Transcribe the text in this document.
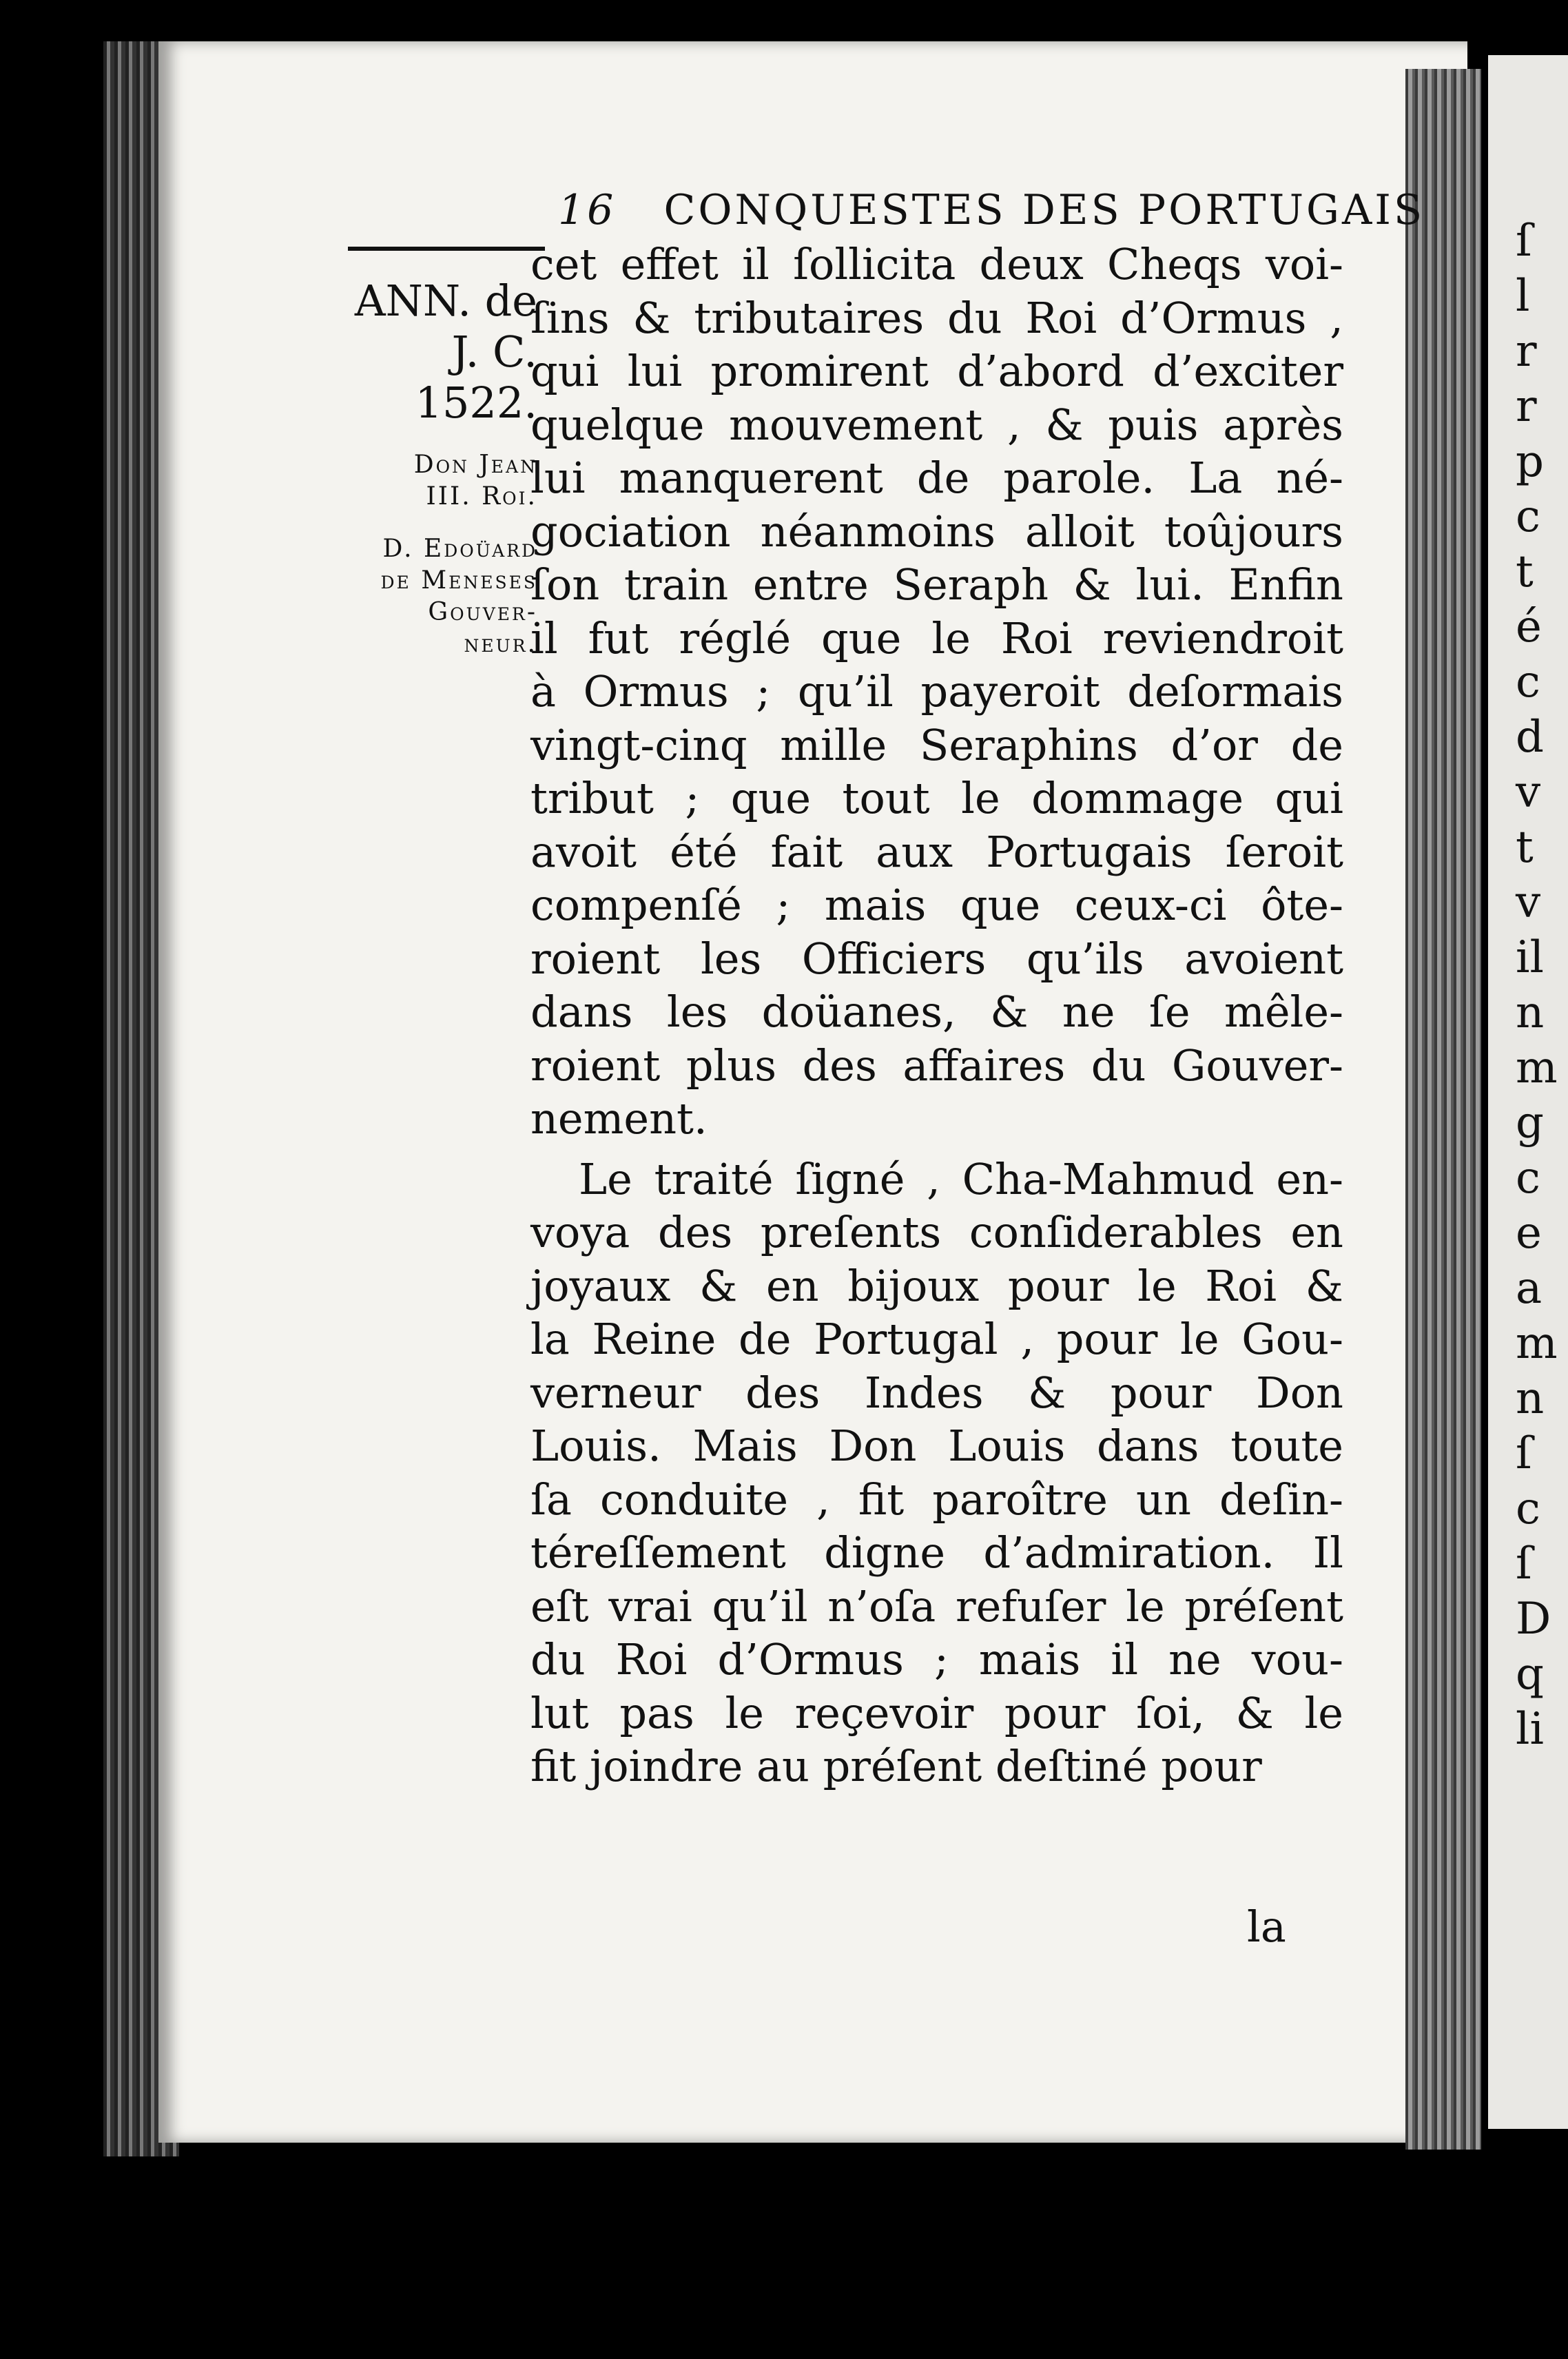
ſ
l
r
r
p
c
t
é
c
d
v
t
v
il
n
m
g
c
e
a
m
n
ſ
c
ſ
D
q
li
16 CONQUESTES DES PORTUGAIS
ANN. de
J. C.
1522.
Don Jean
III. Roi.
D. Edoüard
de Meneses
Gouver-
neur.
cet effet il ſollicita deux Cheqs voi-
ſins & tributaires du Roi d’Ormus ,
qui lui promirent d’abord d’exciter
quelque mouvement , & puis après
lui manquerent de parole. La né-
gociation néanmoins alloit toûjours
ſon train entre Seraph & lui. Enfin
il fut réglé que le Roi reviendroit
à Ormus ; qu’il payeroit deſormais
vingt-cinq mille Seraphins d’or de
tribut ; que tout le dommage qui
avoit été fait aux Portugais ſeroit
compenſé ; mais que ceux-ci ôte-
roient les Officiers qu’ils avoient
dans les doüanes, & ne ſe mêle-
roient plus des affaires du Gouver-
nement.
Le traité ſigné , Cha-Mahmud en-
voya des preſents conſiderables en
joyaux & en bijoux pour le Roi &
la Reine de Portugal , pour le Gou-
verneur des Indes & pour Don
Louis. Mais Don Louis dans toute
ſa conduite , fit paroître un deſin-
téreſſement digne d’admiration. Il
eſt vrai qu’il n’oſa refuſer le préſent
du Roi d’Ormus ; mais il ne vou-
lut pas le reçevoir pour ſoi, & le
fit joindre au préſent deſtiné pour
la
